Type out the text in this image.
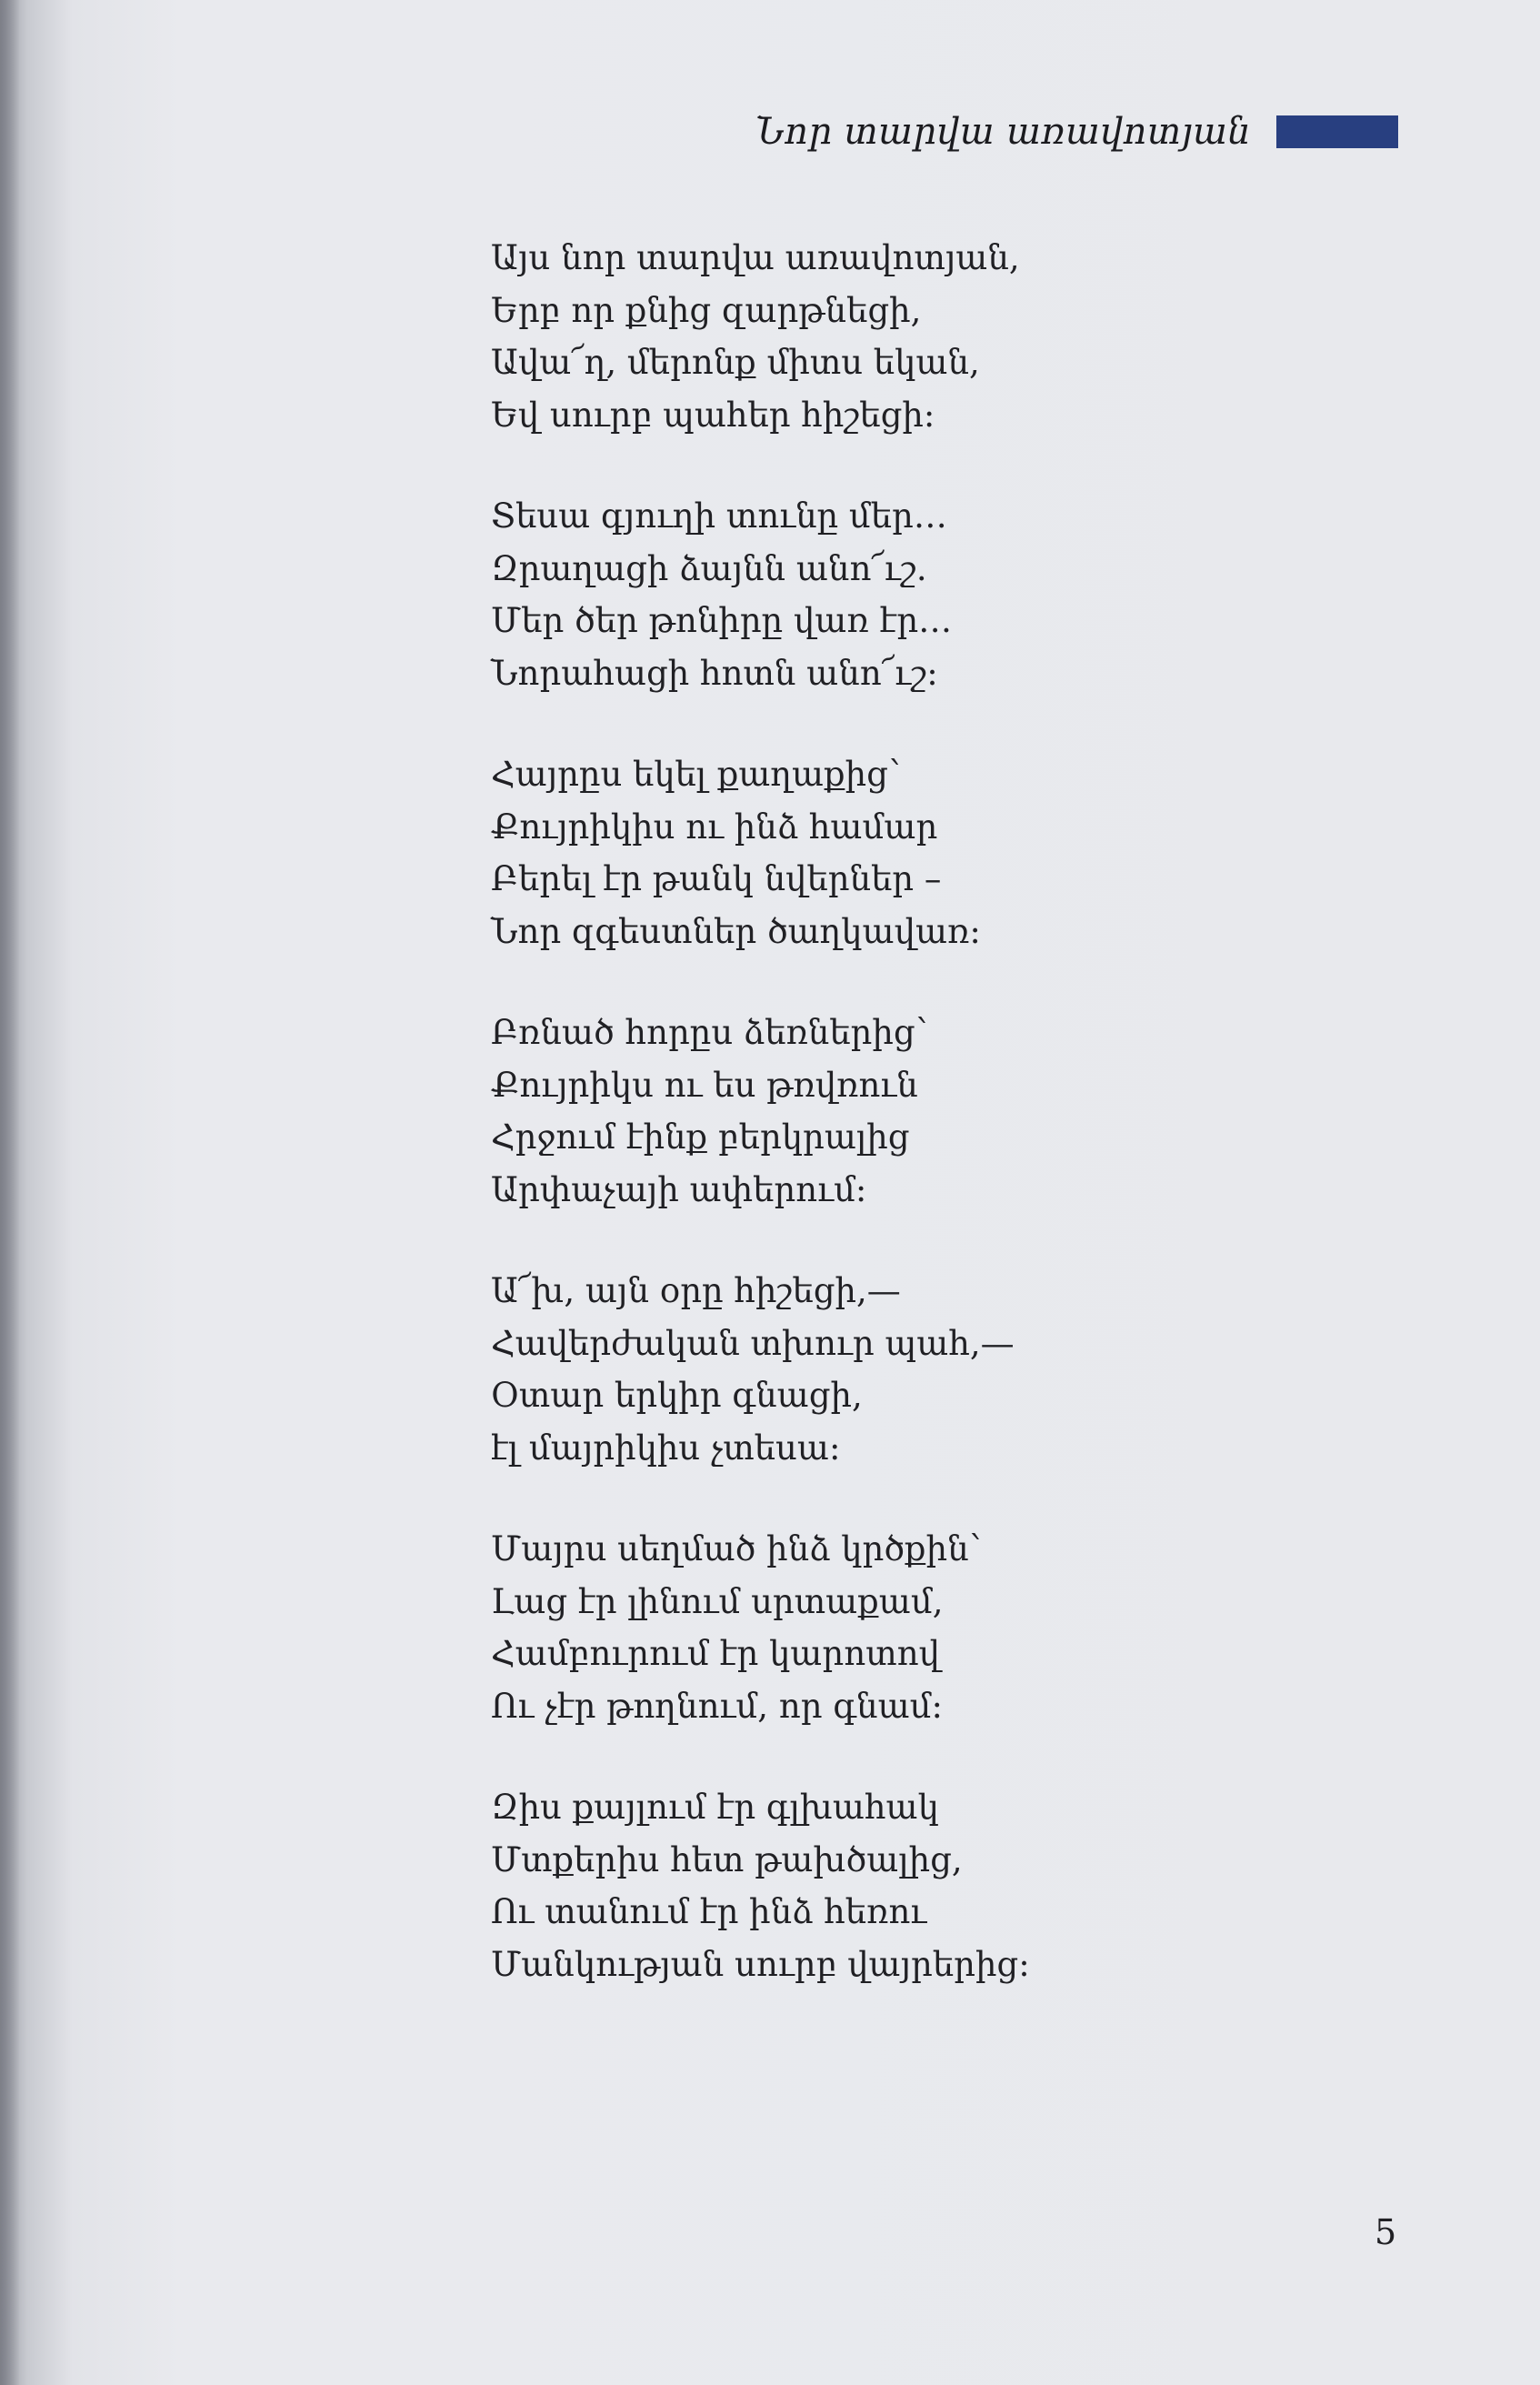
Նոր տարվա առավոտյան
Այս նոր տարվա առավոտյան,
Երբ որ քնից զարթնեցի,
Ավա՜ղ, մերոնք միտս եկան,
Եվ սուրբ պահեր հիշեցի:
Տեսա գյուղի տունը մեր…
Զրաղացի ձայնն անո՜ւշ.
Մեր ծեր թոնիրը վառ էր…
Նորահացի հոտն անո՜ւշ:
Հայրըս եկել քաղաքից՝
Քույրիկիս ու ինձ համար
Բերել էր թանկ նվերներ –
Նոր զգեստներ ծաղկավառ:
Բռնած հորըս ձեռներից՝
Քույրիկս ու ես թռվռուն
Հրջում էինք բերկրալից
Արփաչայի ափերում:
Ա՜խ, այն օրը հիշեցի,—
Հավերժական տխուր պահ,—
Օտար երկիր գնացի,
էլ մայրիկիս չտեսա:
Մայրս սեղմած ինձ կրծքին՝
Լաց էր լինում սրտաքամ,
Համբուրում էր կարոտով
Ու չէր թողնում, որ գնամ:
Զիս քայլում էր գլխահակ
Մտքերիս հետ թախծալից,
Ու տանում էր ինձ հեռու
Մանկության սուրբ վայրերից:
5
